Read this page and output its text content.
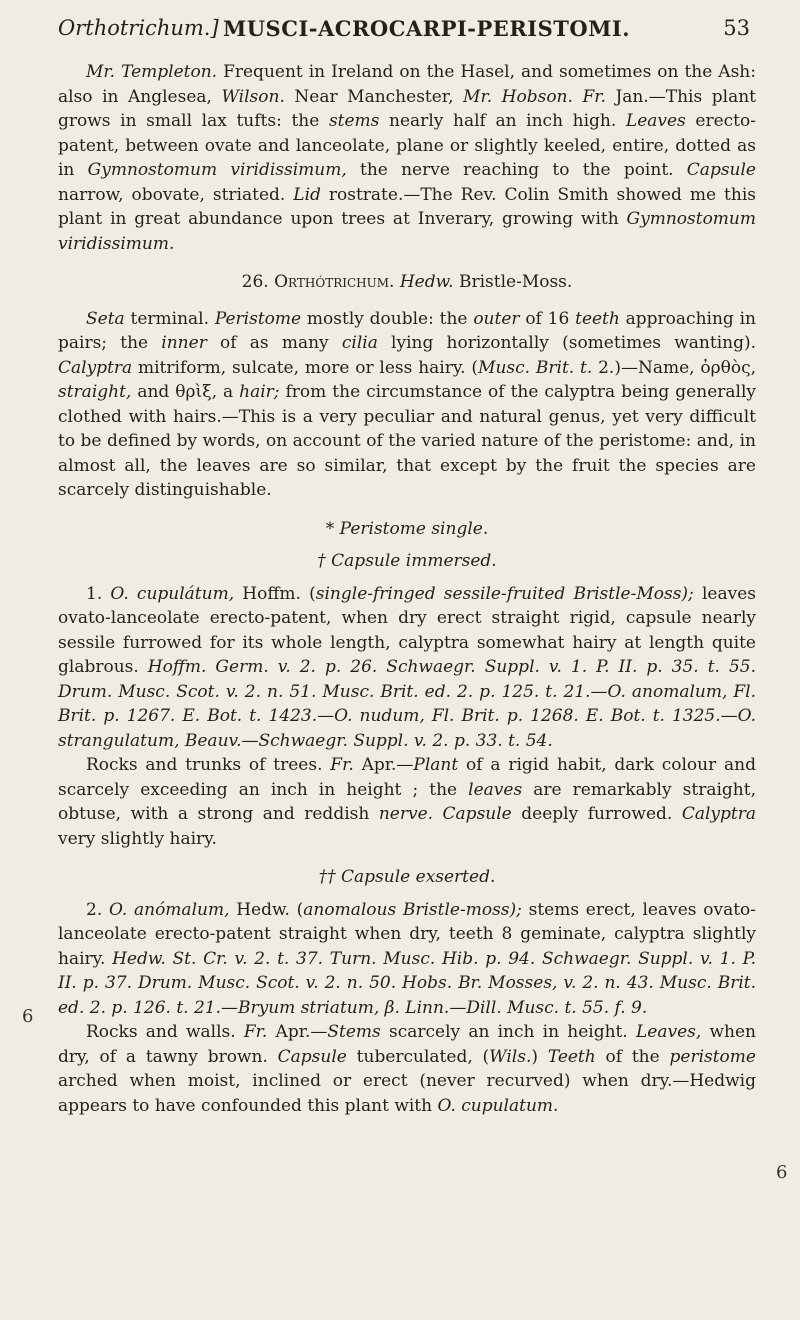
Orthotrichum.] MUSCI-ACROCARPI-PERISTOMI.	53
6
6

Mr. Templeton. Frequent in Ireland on the Hasel, and sometimes on the Ash: also in Anglesea, Wilson. Near Manchester, Mr. Hobson. Fr. Jan.—This plant grows in small lax tufts: the stems nearly half an inch high. Leaves erecto-patent, between ovate and lanceolate, plane or slightly keeled, entire, dotted as in Gymnostomum viridissimum, the nerve reaching to the point. Capsule narrow, obovate, striated. Lid rostrate.—The Rev. Colin Smith showed me this plant in great abundance upon trees at Inverary, growing with Gymnostomum viridissimum.

26. Orthótrichum. Hedw. Bristle-Moss.

Seta terminal. Peristome mostly double: the outer of 16 teeth approaching in pairs; the inner of as many cilia lying horizontally (sometimes wanting). Calyptra mitriform, sulcate, more or less hairy. (Musc. Brit. t. 2.)—Name, ὀρθὸς, straight, and θρὶξ, a hair; from the circumstance of the calyptra being generally clothed with hairs.—This is a very peculiar and natural genus, yet very difficult to be defined by words, on account of the varied nature of the peristome: and, in almost all, the leaves are so similar, that except by the fruit the species are scarcely distinguishable.

* Peristome single.

† Capsule immersed.

1. O. cupulátum, Hoffm. (single-fringed sessile-fruited Bristle-Moss); leaves ovato-lanceolate erecto-patent, when dry erect straight rigid, capsule nearly sessile furrowed for its whole length, calyptra somewhat hairy at length quite glabrous. Hoffm. Germ. v. 2. p. 26. Schwaegr. Suppl. v. 1. P. II. p. 35. t. 55. Drum. Musc. Scot. v. 2. n. 51. Musc. Brit. ed. 2. p. 125. t. 21.—O. anomalum, Fl. Brit. p. 1267. E. Bot. t. 1423.—O. nudum, Fl. Brit. p. 1268. E. Bot. t. 1325.—O. strangulatum, Beauv.—Schwaegr. Suppl. v. 2. p. 33. t. 54.

Rocks and trunks of trees. Fr. Apr.—Plant of a rigid habit, dark colour and scarcely exceeding an inch in height ; the leaves are remarkably straight, obtuse, with a strong and reddish nerve. Capsule deeply furrowed. Calyptra very slightly hairy.

†† Capsule exserted.

2. O. anómalum, Hedw. (anomalous Bristle-moss); stems erect, leaves ovato-lanceolate erecto-patent straight when dry, teeth 8 geminate, calyptra slightly hairy. Hedw. St. Cr. v. 2. t. 37. Turn. Musc. Hib. p. 94. Schwaegr. Suppl. v. 1. P. II. p. 37. Drum. Musc. Scot. v. 2. n. 50. Hobs. Br. Mosses, v. 2. n. 43. Musc. Brit. ed. 2. p. 126. t. 21.—Bryum striatum, β. Linn.—Dill. Musc. t. 55. f. 9.

Rocks and walls. Fr. Apr.—Stems scarcely an inch in height. Leaves, when dry, of a tawny brown. Capsule tuberculated, (Wils.) Teeth of the peristome arched when moist, inclined or erect (never recurved) when dry.—Hedwig appears to have confounded this plant with O. cupulatum.
